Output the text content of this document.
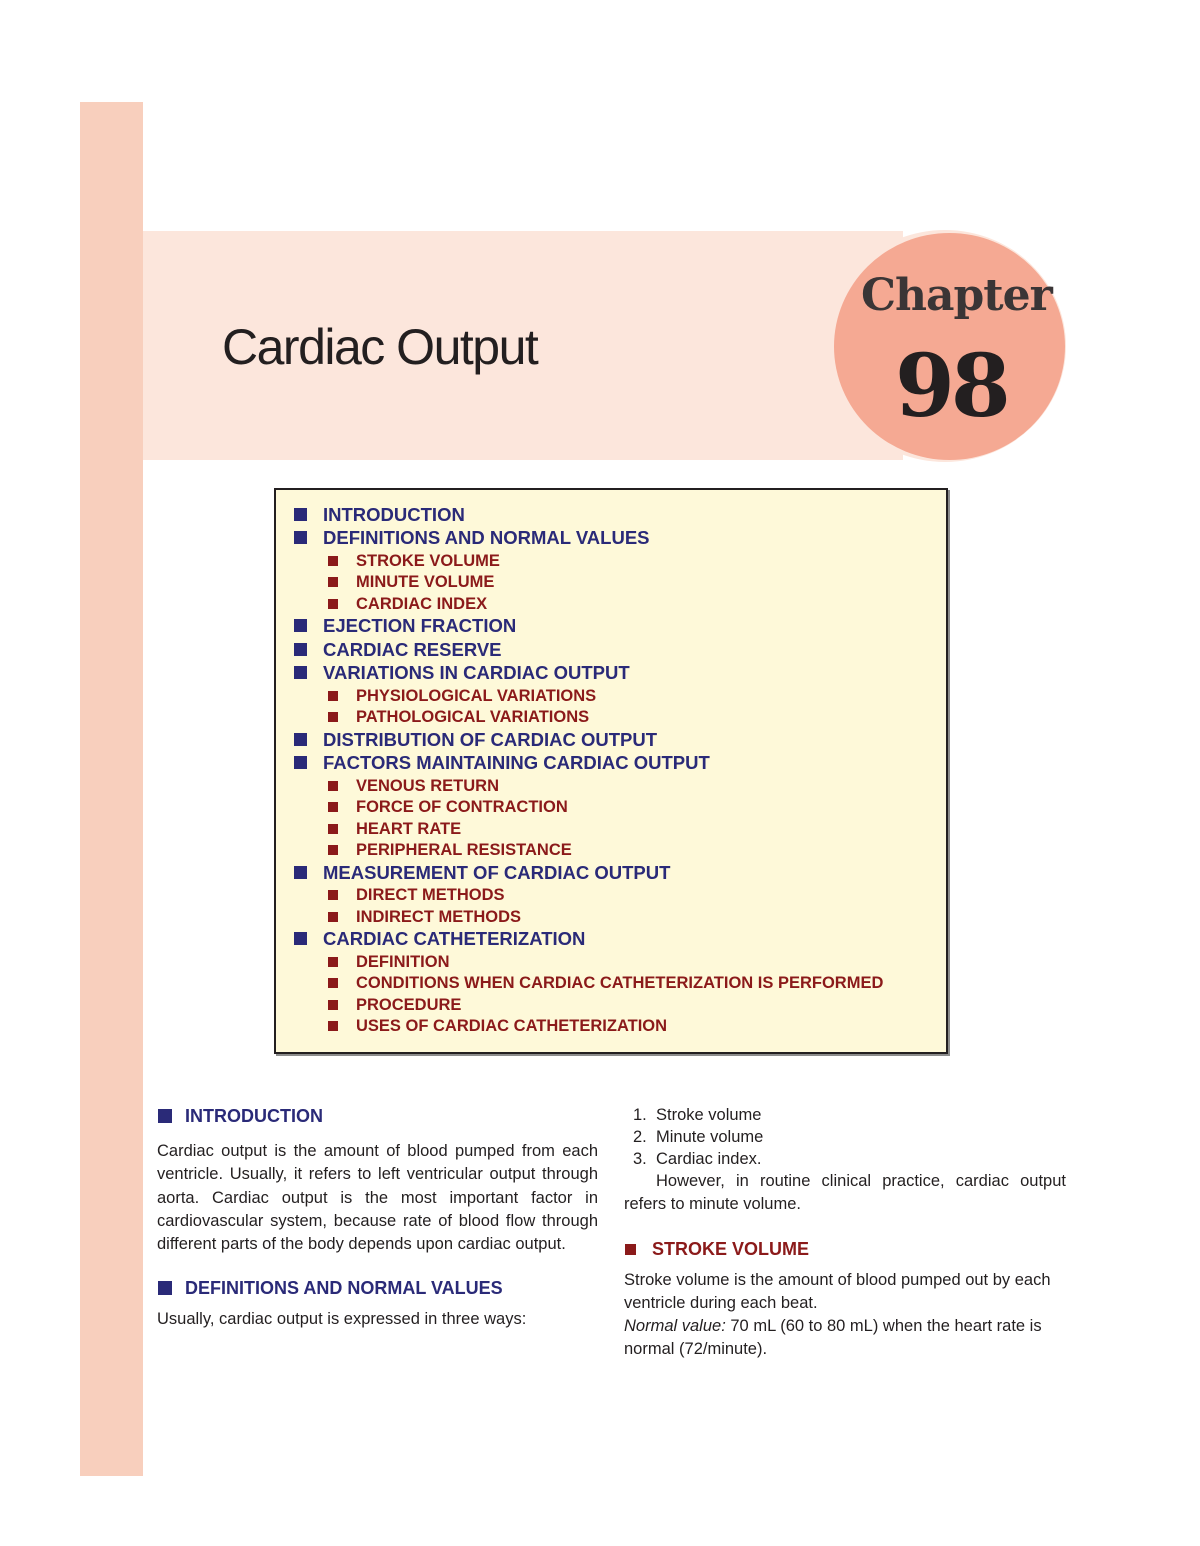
Cardiac Output
Chapter
98
INTRODUCTION
DEFINITIONS AND NORMAL VALUES
STROKE VOLUME
MINUTE VOLUME
CARDIAC INDEX
EJECTION FRACTION
CARDIAC RESERVE
VARIATIONS IN CARDIAC OUTPUT
PHYSIOLOGICAL VARIATIONS
PATHOLOGICAL VARIATIONS
DISTRIBUTION OF CARDIAC OUTPUT
FACTORS MAINTAINING CARDIAC OUTPUT
VENOUS RETURN
FORCE OF CONTRACTION
HEART RATE
PERIPHERAL RESISTANCE
MEASUREMENT OF CARDIAC OUTPUT
DIRECT METHODS
INDIRECT METHODS
CARDIAC CATHETERIZATION
DEFINITION
CONDITIONS WHEN CARDIAC CATHETERIZATION IS PERFORMED
PROCEDURE
USES OF CARDIAC CATHETERIZATION
INTRODUCTION

Cardiac output is the amount of blood pumped from each ventricle. Usually, it refers to left ventricular output through aorta. Cardiac output is the most important factor in cardiovascular system, because rate of blood flow through different parts of the body depends upon cardiac output.

DEFINITIONS AND NORMAL VALUES

Usually, cardiac output is expressed in three ways:

1. Stroke volume
2. Minute volume
3. Cardiac index.

However, in routine clinical practice, cardiac output refers to minute volume.

STROKE VOLUME

Stroke volume is the amount of blood pumped out by each ventricle during each beat.

Normal value: 70 mL (60 to 80 mL) when the heart rate is normal (72/minute).
